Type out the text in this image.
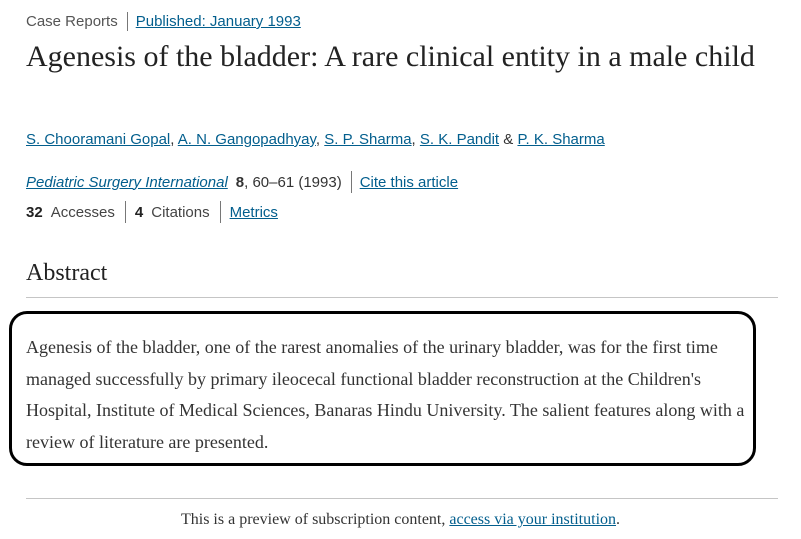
Case Reports Published: January 1993
Agenesis of the bladder: A rare clinical entity in a male child
S. Chooramani Gopal, A. N. Gangopadhyay, S. P. Sharma, S. K. Pandit & P. K. Sharma
Pediatric Surgery International 8 , 60–61 (1993) Cite this article
32 Accesses 4 Citations Metrics
Abstract

Agenesis of the bladder, one of the rarest anomalies of the urinary bladder, was for the first time managed successfully by primary ileocecal functional bladder reconstruction at the Children's Hospital, Institute of Medical Sciences, Banaras Hindu University. The salient features along with a review of literature are presented.

This is a preview of subscription content, access via your institution.
